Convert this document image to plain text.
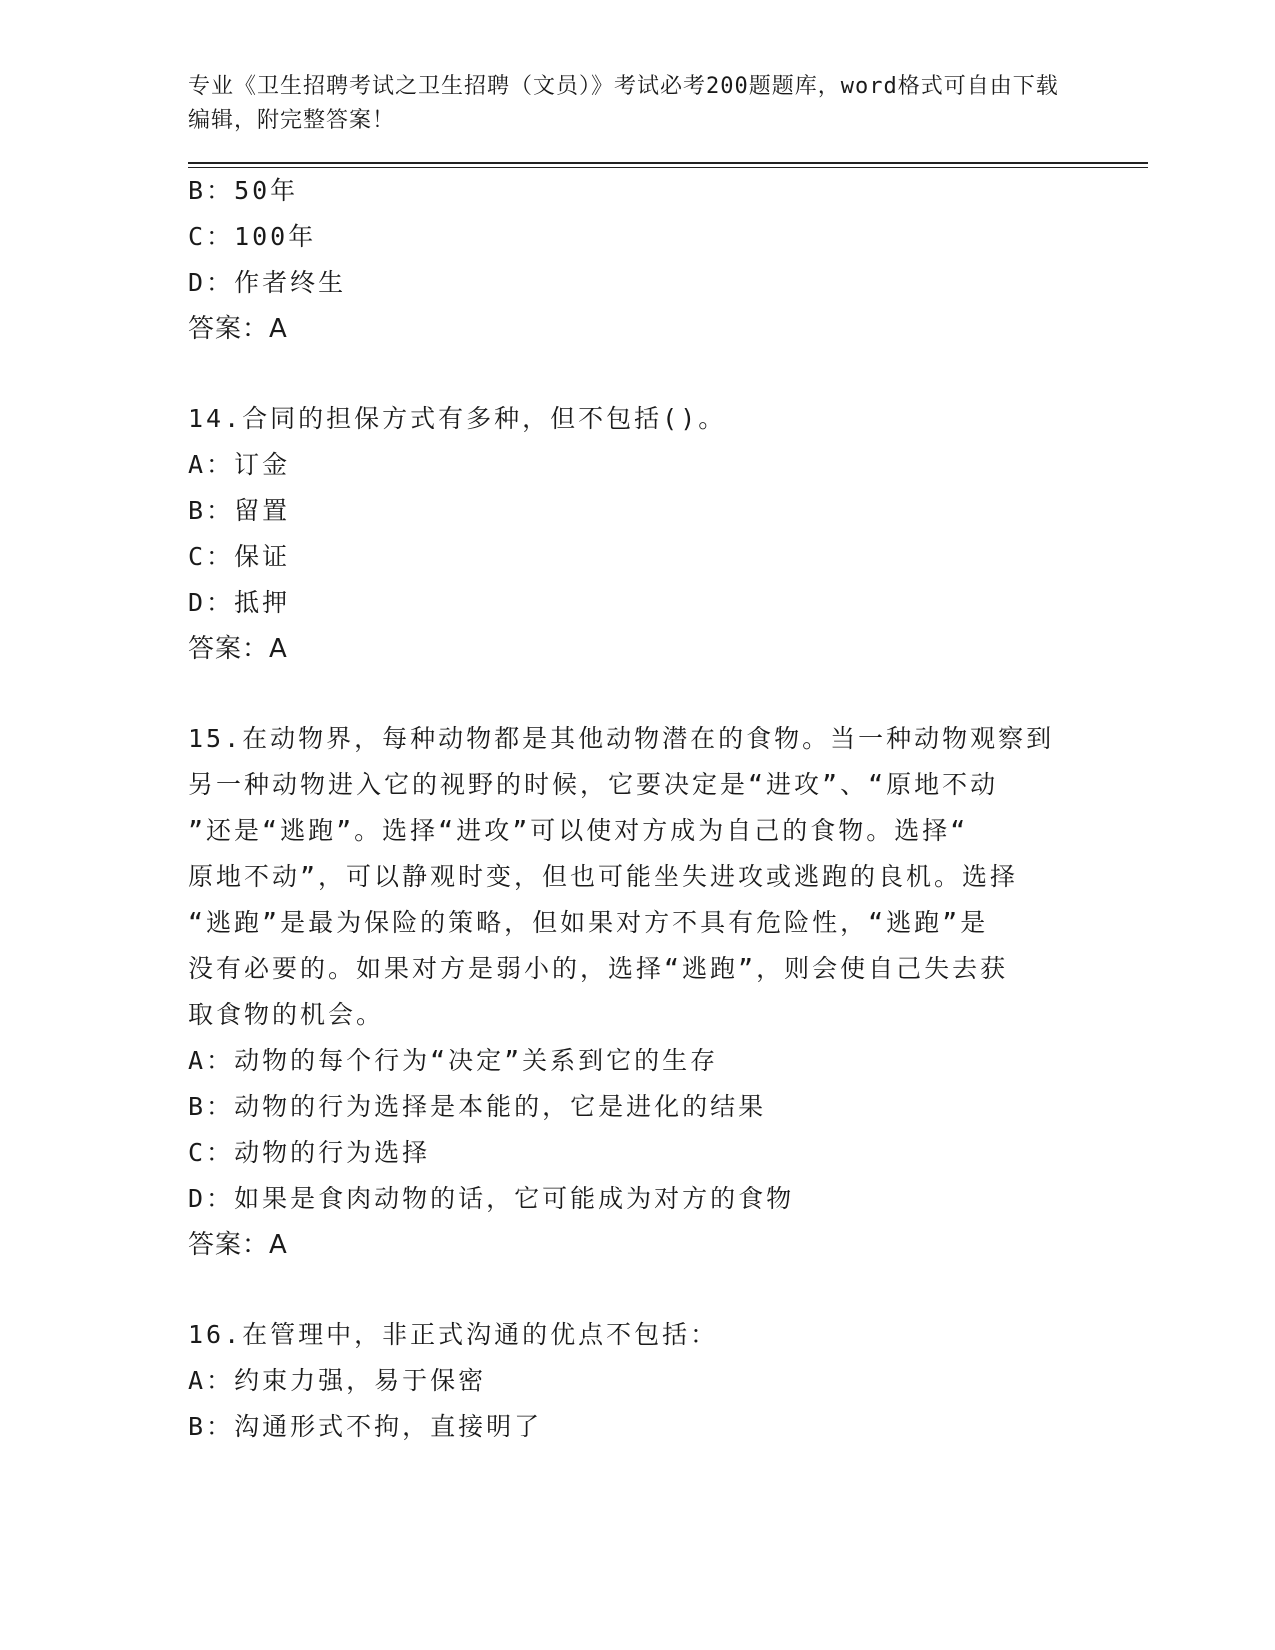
专业《卫生招聘考试之卫生招聘（文员）》考试必考200题题库，word格式可自由下载编辑，附完整答案！
B：50年
C：100年
D：作者终生
答案：A
14.合同的担保方式有多种，但不包括()。
A：订金
B：留置
C：保证
D：抵押
答案：A
15.在动物界，每种动物都是其他动物潜在的食物。当一种动物观察到
另一种动物进入它的视野的时候，它要决定是“进攻”、“原地不动
”还是“逃跑”。选择“进攻”可以使对方成为自己的食物。选择“
原地不动”，可以静观时变，但也可能坐失进攻或逃跑的良机。选择
“逃跑”是最为保险的策略，但如果对方不具有危险性，“逃跑”是
没有必要的。如果对方是弱小的，选择“逃跑”，则会使自己失去获
取食物的机会。
A：动物的每个行为“决定”关系到它的生存
B：动物的行为选择是本能的，它是进化的结果
C：动物的行为选择
D：如果是食肉动物的话，它可能成为对方的食物
答案：A
16.在管理中，非正式沟通的优点不包括：
A：约束力强，易于保密
B：沟通形式不拘，直接明了
